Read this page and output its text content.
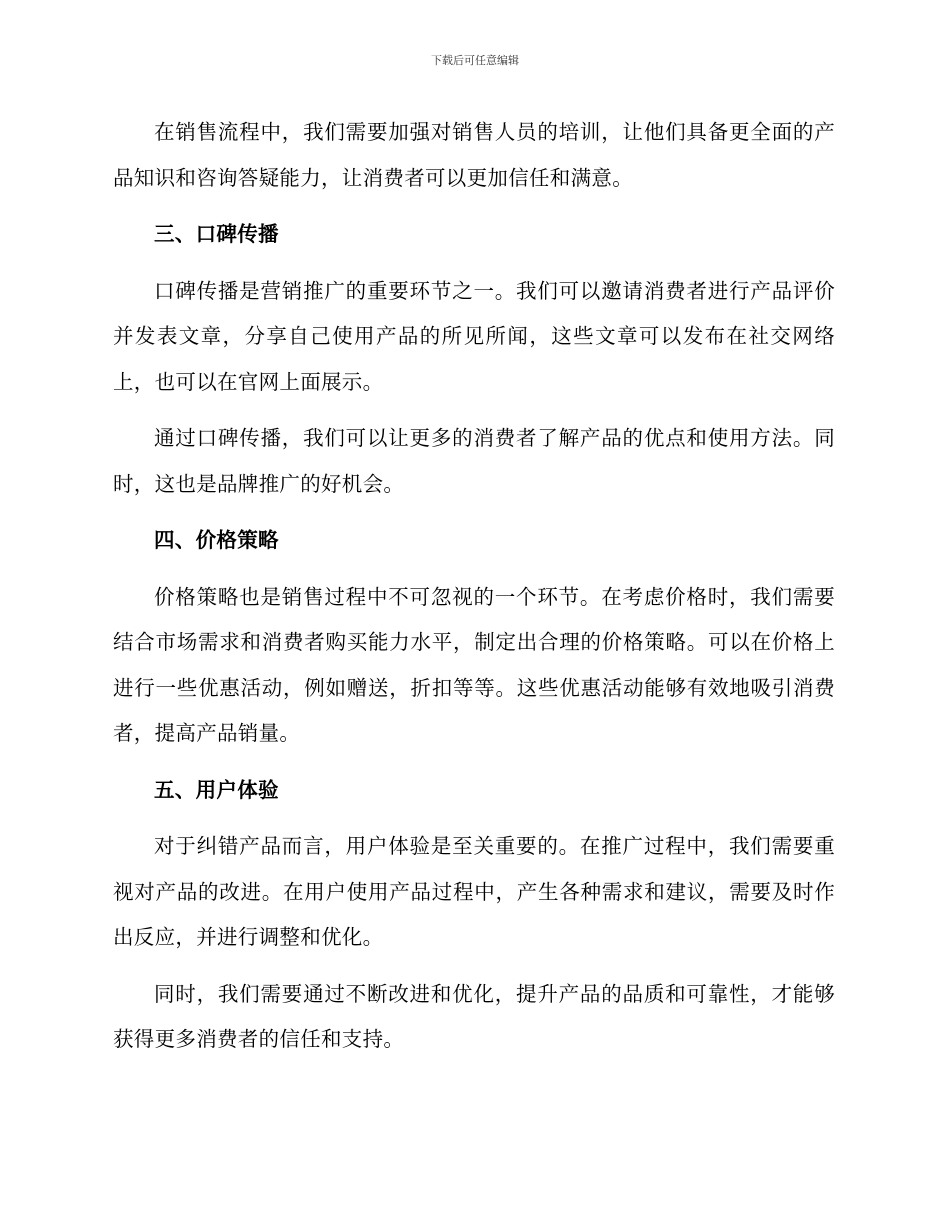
下载后可任意编辑

在销售流程中，我们需要加强对销售人员的培训，让他们具备更全面的产品知识和咨询答疑能力，让消费者可以更加信任和满意。

三、口碑传播

口碑传播是营销推广的重要环节之一。我们可以邀请消费者进行产品评价并发表文章，分享自己使用产品的所见所闻，这些文章可以发布在社交网络上，也可以在官网上面展示。

通过口碑传播，我们可以让更多的消费者了解产品的优点和使用方法。同时，这也是品牌推广的好机会。

四、价格策略

价格策略也是销售过程中不可忽视的一个环节。在考虑价格时，我们需要结合市场需求和消费者购买能力水平，制定出合理的价格策略。可以在价格上进行一些优惠活动，例如赠送，折扣等等。这些优惠活动能够有效地吸引消费者，提高产品销量。

五、用户体验

对于纠错产品而言，用户体验是至关重要的。在推广过程中，我们需要重视对产品的改进。在用户使用产品过程中，产生各种需求和建议，需要及时作出反应，并进行调整和优化。

同时，我们需要通过不断改进和优化，提升产品的品质和可靠性，才能够获得更多消费者的信任和支持。
